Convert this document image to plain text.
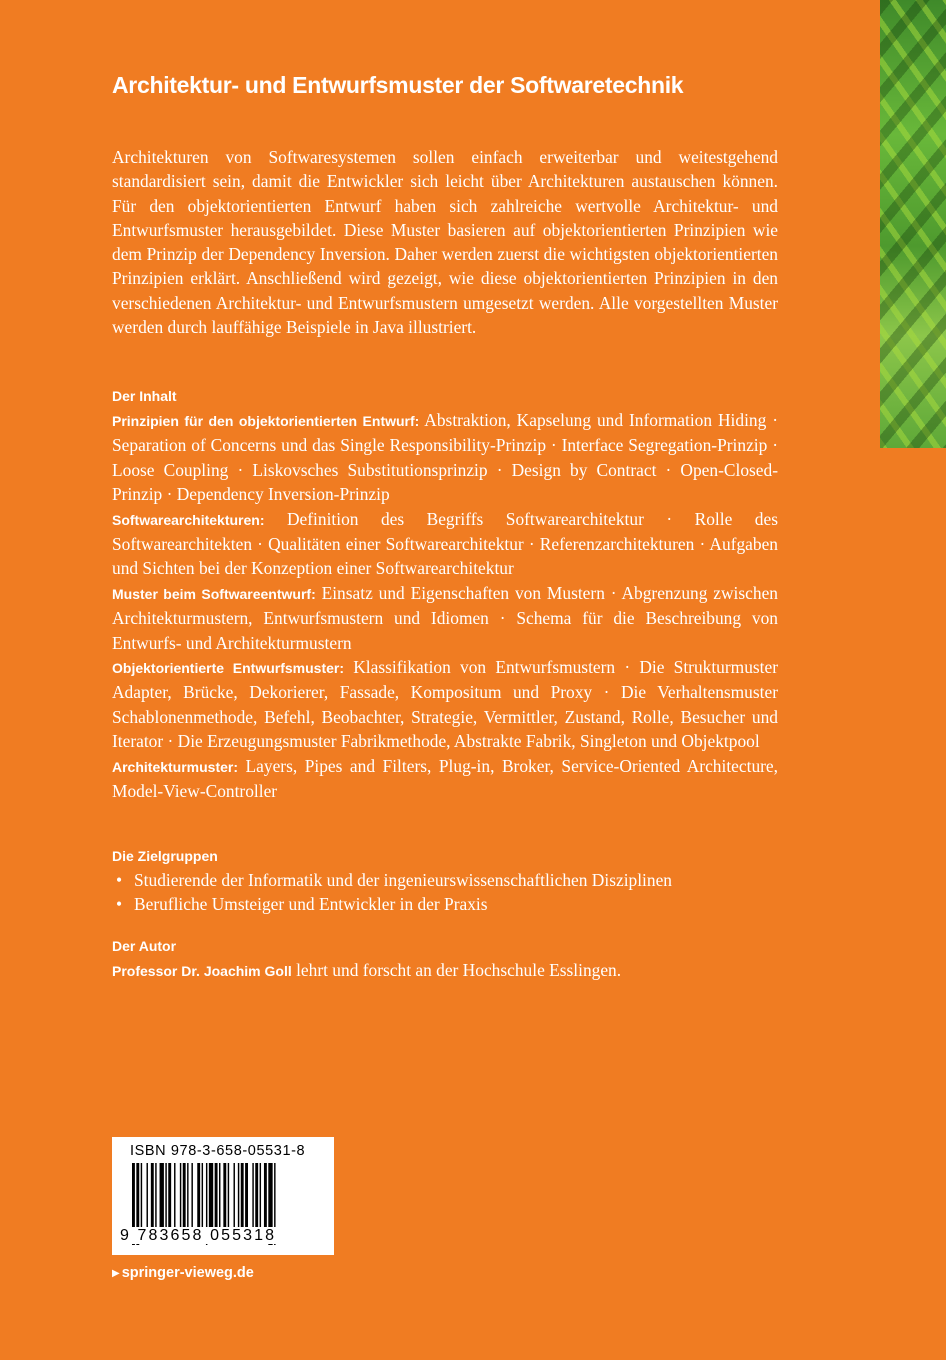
Architektur- und Entwurfsmuster der Softwaretechnik
Architekturen von Softwaresystemen sollen einfach erweiterbar und weitestgehend standardisiert sein, damit die Entwickler sich leicht über Architekturen austauschen können. Für den objektorientierten Entwurf haben sich zahlreiche wertvolle Architektur- und Entwurfsmuster herausgebildet. Diese Muster basieren auf objektorientierten Prinzipien wie dem Prinzip der Dependency Inversion. Daher werden zuerst die wichtigsten objektorientierten Prinzipien erklärt. Anschließend wird gezeigt, wie diese objektorientierten Prinzipien in den verschiedenen Architektur- und Entwurfsmustern umgesetzt werden. Alle vorgestellten Muster werden durch lauffähige Beispiele in Java illustriert.
Der Inhalt

Prinzipien für den objektorientierten Entwurf: Abstraktion, Kapselung und Information Hiding · Separation of Concerns und das Single Responsibility-Prinzip · Interface Segregation-Prinzip · Loose Coupling · Liskovsches Substitutionsprinzip · Design by Contract · Open-Closed-Prinzip · Dependency Inversion-Prinzip

Softwarearchitekturen: Definition des Begriffs Softwarearchitektur · Rolle des Softwarearchitekten · Qualitäten einer Softwarearchitektur · Referenzarchitekturen · Aufgaben und Sichten bei der Konzeption einer Softwarearchitektur

Muster beim Softwareentwurf: Einsatz und Eigenschaften von Mustern · Abgrenzung zwischen Architekturmustern, Entwurfsmustern und Idiomen · Schema für die Beschreibung von Entwurfs- und Architekturmustern

Objektorientierte Entwurfsmuster: Klassifikation von Entwurfsmustern · Die Strukturmuster Adapter, Brücke, Dekorierer, Fassade, Kompositum und Proxy · Die Verhaltensmuster Schablonenmethode, Befehl, Beobachter, Strategie, Vermittler, Zustand, Rolle, Besucher und Iterator · Die Erzeugungsmuster Fabrikmethode, Abstrakte Fabrik, Singleton und Objektpool

Architekturmuster: Layers, Pipes and Filters, Plug-in, Broker, Service-Oriented Architecture, Model-View-Controller

Die Zielgruppen
• Studierende der Informatik und der ingenieurswissenschaftlichen Disziplinen
• Berufliche Umsteiger und Entwickler in der Praxis
Der Autor
Professor Dr. Joachim Goll lehrt und forscht an der Hochschule Esslingen.
ISBN 978-3-658-05531-8
9 783658 055318
▶ springer-vieweg.de
